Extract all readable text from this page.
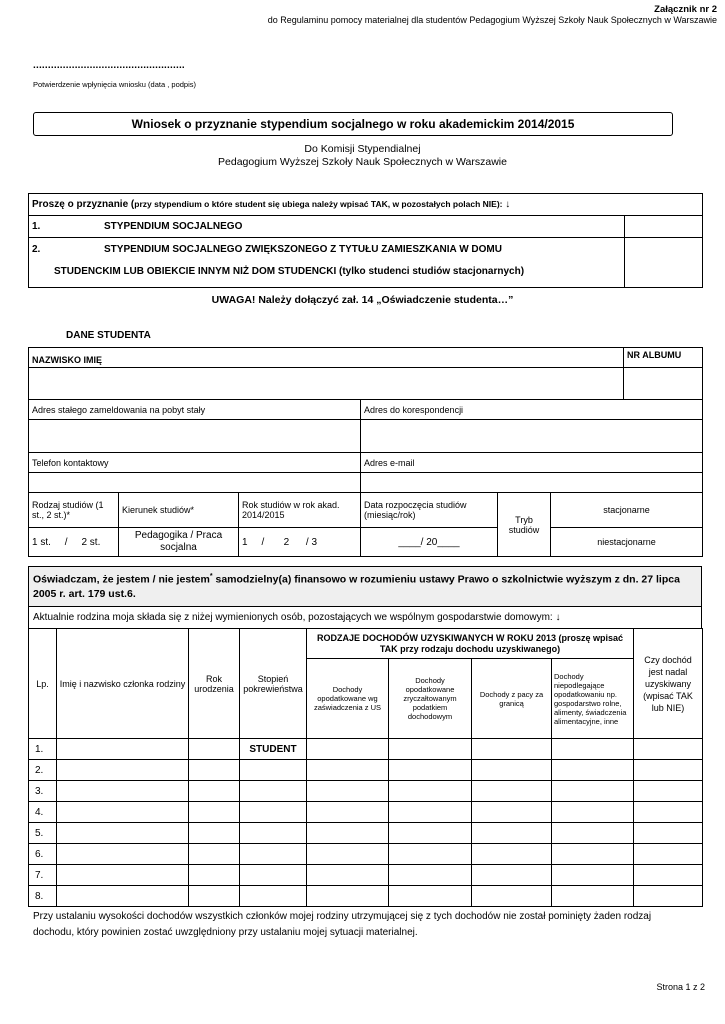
Załącznik nr 2
do Regulaminu pomocy materialnej dla studentów Pedagogium Wyższej Szkoły Nauk Społecznych w Warszawie
...................................................
Potwierdzenie wpłynięcia wniosku (data , podpis)
Wniosek o przyznanie stypendium socjalnego w roku akademickim 2014/2015
Do Komisji Stypendialnej
Pedagogium Wyższej Szkoły Nauk Społecznych w Warszawie
Proszę o przyznanie (przy stypendium o które student się ubiega należy wpisać TAK, w pozostałych polach NIE): ↓	
1. STYPENDIUM SOCJALNEGO	

2. STYPENDIUM SOCJALNEGO ZWIĘKSZONEGO Z TYTUŁU ZAMIESZKANIA W DOMU
STUDENCKIM LUB OBIEKCIE INNYM NIŻ DOM STUDENCKI (tylko studenci studiów stacjonarnych)	

UWAGA! Należy dołączyć zał. 14 „Oświadczenie studenta…”
DANE STUDENTA
NAZWISKO IMIĘ						NR ALBUMU

Adres stałego zameldowania na pobyt stały			Adres do korespondencji			

Telefon kontaktowy			Adres e-mail			

Rodzaj studiów (1 st., 2 st.)*	Kierunek studiów*	Rok studiów w rok akad. 2014/2015	Data rozpoczęcia studiów (miesiąc/rok)	Tryb studiów	stacjonarne	
1 st.     /     2 st.	Pedagogika / Praca socjalna	1     /       2      / 3	____/ 20____		niestacjonarne	
Oświadczam, że jestem / nie jestem* samodzielny(a) finansowo w rozumieniu ustawy Prawo o szkolnictwie wyższym z dn. 27 lipca 2005 r. art. 179 ust.6.
Aktualnie rodzina moja składa się z niżej wymienionych osób, pozostających we wspólnym gospodarstwie domowym: ↓
Lp.	Imię i nazwisko członka rodziny	Rok urodzenia	Stopień pokrewieństwa	RODZAJE DOCHODÓW UZYSKIWANYCH W ROKU 2013 (proszę wpisać TAK przy rodzaju dochodu uzyskiwanego)				Czy dochód jest nadal uzyskiwany (wpisać TAK lub NIE)
				Dochody opodatkowane wg zaświadczenia z US	Dochody opodatkowane zryczałtowanym podatkiem dochodowym	Dochody z pacy za granicą	Dochody niepodlegające opodatkowaniu np. gospodarstwo rolne, alimenty, świadczenia alimentacyjne, inne	
1.			STUDENT					
2.								
3.								
4.								
5.								
6.								
7.								
8.								
Przy ustalaniu wysokości dochodów wszystkich członków mojej rodziny utrzymującej się z tych dochodów nie został pominięty żaden rodzaj dochodu, który powinien zostać uwzględniony przy ustalaniu mojej sytuacji materialnej.
Strona 1 z 2
